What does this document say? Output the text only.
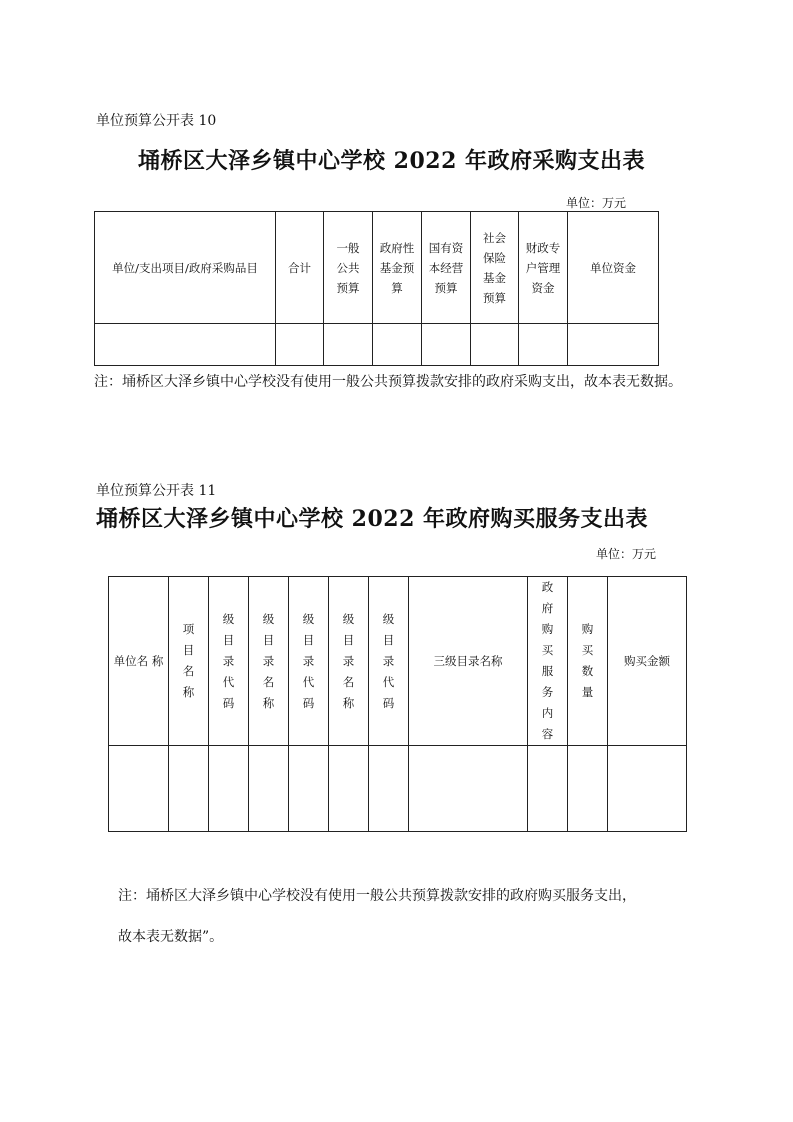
单位预算公开表 10
埇桥区大泽乡镇中心学校 2022 年政府采购支出表
单位：万元
单位/支出项目/政府采购品目	合计	一般公共预算	政府性基金预算	国有资本经营预算	社会保险基金预算	财政专户管理资金	单位资金

注：埇桥区大泽乡镇中心学校没有使用一般公共预算拨款安排的政府采购支出，故本表无数据。
单位预算公开表 11
埇桥区大泽乡镇中心学校 2022 年政府购买服务支出表
单位：万元
单位名 称	项目名称	级目录代码	级目录名称	级目录代码	级目录名称	级目录代码	三级目录名称	政府购买服务内容	购买数量	购买金额

注：埇桥区大泽乡镇中心学校没有使用一般公共预算拨款安排的政府购买服务支出，
故本表无数据”。
